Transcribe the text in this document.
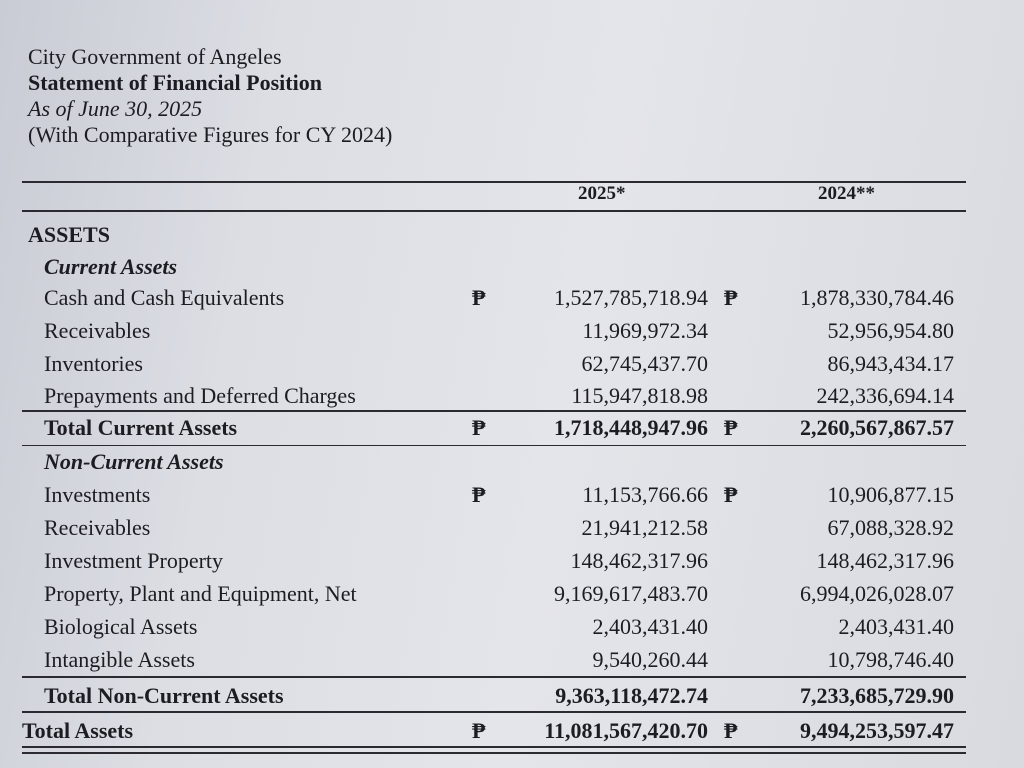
City Government of Angeles
Statement of Financial Position
As of June 30, 2025
(With Comparative Figures for CY 2024)
2025*	2024**
ASSETS
Current Assets
Cash and Cash Equivalents	₱	1,527,785,718.94 ₱	1,878,330,784.46
Receivables	11,969,972.34	52,956,954.80
Inventories	62,745,437.70	86,943,434.17
Prepayments and Deferred Charges	115,947,818.98	242,336,694.14
Total Current Assets	₱	1,718,448,947.96 ₱	2,260,567,867.57
Non-Current Assets
Investments	₱	11,153,766.66 ₱	10,906,877.15
Receivables	21,941,212.58	67,088,328.92
Investment Property	148,462,317.96	148,462,317.96
Property, Plant and Equipment, Net	9,169,617,483.70	6,994,026,028.07
Biological Assets	2,403,431.40	2,403,431.40
Intangible Assets	9,540,260.44	10,798,746.40
Total Non-Current Assets	9,363,118,472.74	7,233,685,729.90
Total Assets	₱	11,081,567,420.70 ₱	9,494,253,597.47
